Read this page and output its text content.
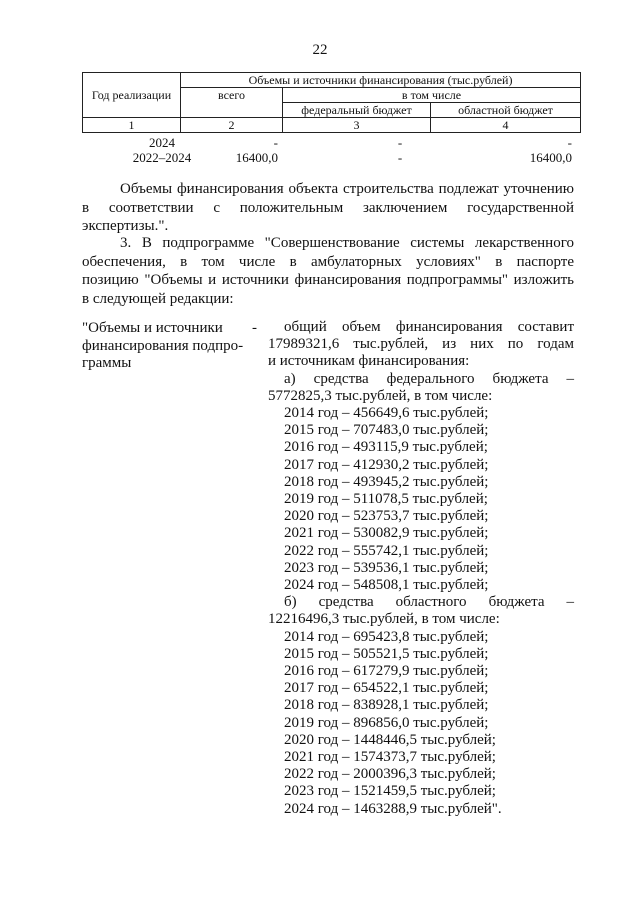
22
Год реализации	Объемы и источники финансирования (тыс.рублей)		
	всего	в том числе	
		федеральный бюджет	областной бюджет
1	2	3	4
2024	-	-	-
2022–2024	16400,0	-	16400,0
Объемы финансирования объекта строительства подлежат уточнению
в соответствии с положительным заключением государственной
экспертизы.".
3. В подпрограмме "Совершенствование системы лекарственного
обеспечения, в том числе в амбулаторных условиях" в паспорте
позицию "Объемы и источники финансирования подпрограммы" изложить
в следующей редакции:
"Объемы и источники
финансирования подпро-
граммы
-	общий объем финансирования составит
17989321,6 тыс.рублей, из них по годам
и источникам финансирования:
а) средства федерального бюджета –
5772825,3 тыс.рублей, в том числе:
2014 год – 456649,6 тыс.рублей;
2015 год – 707483,0 тыс.рублей;
2016 год – 493115,9 тыс.рублей;
2017 год – 412930,2 тыс.рублей;
2018 год – 493945,2 тыс.рублей;
2019 год – 511078,5 тыс.рублей;
2020 год – 523753,7 тыс.рублей;
2021 год – 530082,9 тыс.рублей;
2022 год – 555742,1 тыс.рублей;
2023 год – 539536,1 тыс.рублей;
2024 год – 548508,1 тыс.рублей;
б) средства областного бюджета –
12216496,3 тыс.рублей, в том числе:
2014 год – 695423,8 тыс.рублей;
2015 год – 505521,5 тыс.рублей;
2016 год – 617279,9 тыс.рублей;
2017 год – 654522,1 тыс.рублей;
2018 год – 838928,1 тыс.рублей;
2019 год – 896856,0 тыс.рублей;
2020 год – 1448446,5 тыс.рублей;
2021 год – 1574373,7 тыс.рублей;
2022 год – 2000396,3 тыс.рублей;
2023 год – 1521459,5 тыс.рублей;
2024 год – 1463288,9 тыс.рублей".
